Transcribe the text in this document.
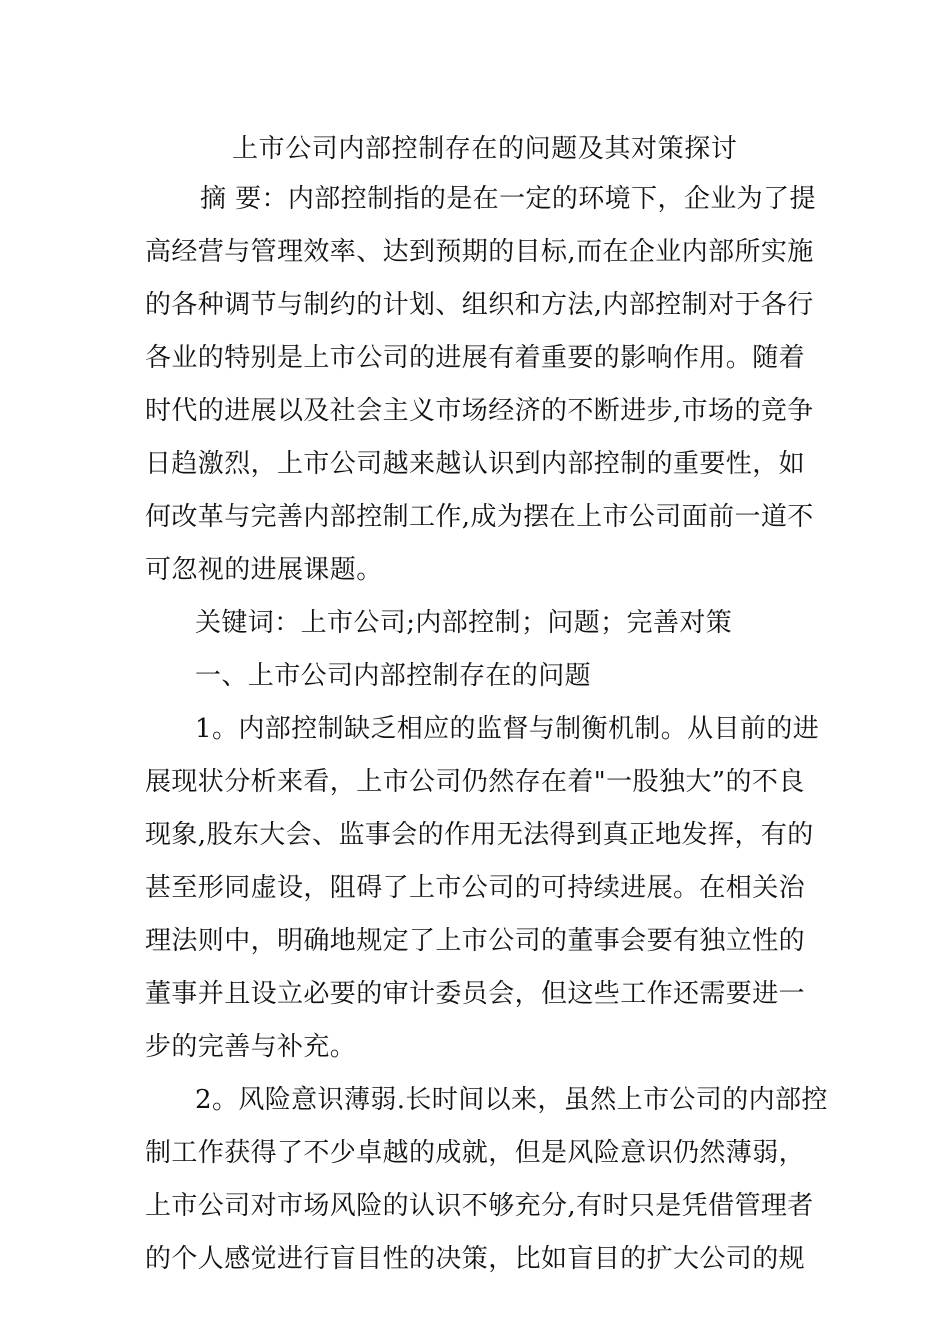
上市公司内部控制存在的问题及其对策探讨
摘 要：内部控制指的是在一定的环境下，企业为了提
高经营与管理效率、达到预期的目标,而在企业内部所实施
的各种调节与制约的计划、组织和方法,内部控制对于各行
各业的特别是上市公司的进展有着重要的影响作用。随着
时代的进展以及社会主义市场经济的不断进步,市场的竞争
日趋激烈，上市公司越来越认识到内部控制的重要性，如
何改革与完善内部控制工作,成为摆在上市公司面前一道不
可忽视的进展课题。
关键词：上市公司;内部控制；问题；完善对策
一、上市公司内部控制存在的问题
1。内部控制缺乏相应的监督与制衡机制。从目前的进
展现状分析来看，上市公司仍然存在着"一股独大”的不良
现象,股东大会、监事会的作用无法得到真正地发挥，有的
甚至形同虚设，阻碍了上市公司的可持续进展。在相关治
理法则中，明确地规定了上市公司的董事会要有独立性的
董事并且设立必要的审计委员会，但这些工作还需要进一
步的完善与补充。
2。风险意识薄弱.长时间以来，虽然上市公司的内部控
制工作获得了不少卓越的成就，但是风险意识仍然薄弱，
上市公司对市场风险的认识不够充分,有时只是凭借管理者
的个人感觉进行盲目性的决策，比如盲目的扩大公司的规
